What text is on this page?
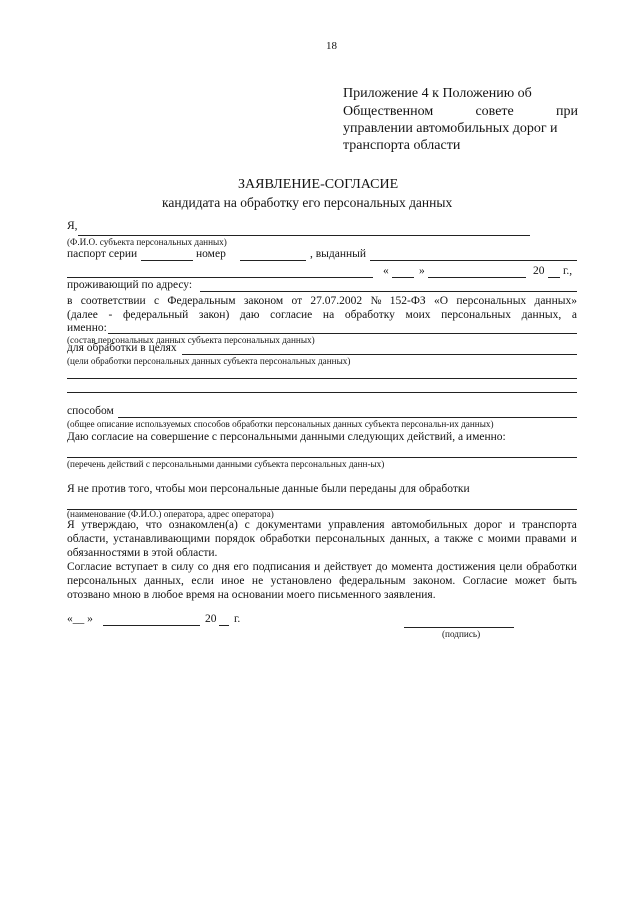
18
Приложение 4 к Положению об
Общественном	совете	при
управлении автомобильных дорог и
транспорта области
ЗАЯВЛЕНИЕ-СОГЛАСИЕ
кандидата на обработку его персональных данных
Я,
(Ф.И.О. субъекта персональных данных)
паспорт серии	номер	, выданный
«	»	20 г.,
проживающий по адресу:
в соответствии с Федеральным законом от 27.07.2002 № 152-ФЗ «О персональных данных»
(далее - федеральный закон) даю согласие на обработку моих персональных данных, а
именно:
(состав персональных данных субъекта персональных данных)
для обработки в целях
(цели обработки персональных данных субъекта персональных данных)
способом
(общее описание используемых способов обработки персональных данных субъекта персональн-их данных)
Даю согласие на совершение с персональными данными следующих действий, а именно:
(перечень действий с персональными данными субъекта персональных данн-ых)
Я не против того, чтобы мои персональные данные были переданы для обработки
(наименование (Ф.И.О.) оператора, адрес оператора)
Я утверждаю, что ознакомлен(а) с документами управления автомобильных дорог и транспорта
области, устанавливающими порядок обработки персональных данных, а также с моими правами и
обязанностями в этой области.
Согласие вступает в силу со дня его подписания и действует до момента достижения цели обработки
персональных данных, если иное не установлено федеральным законом. Согласие может быть
отозвано мною в любое время на основании моего письменного заявления.
«__ »	20 г.
(подпись)
